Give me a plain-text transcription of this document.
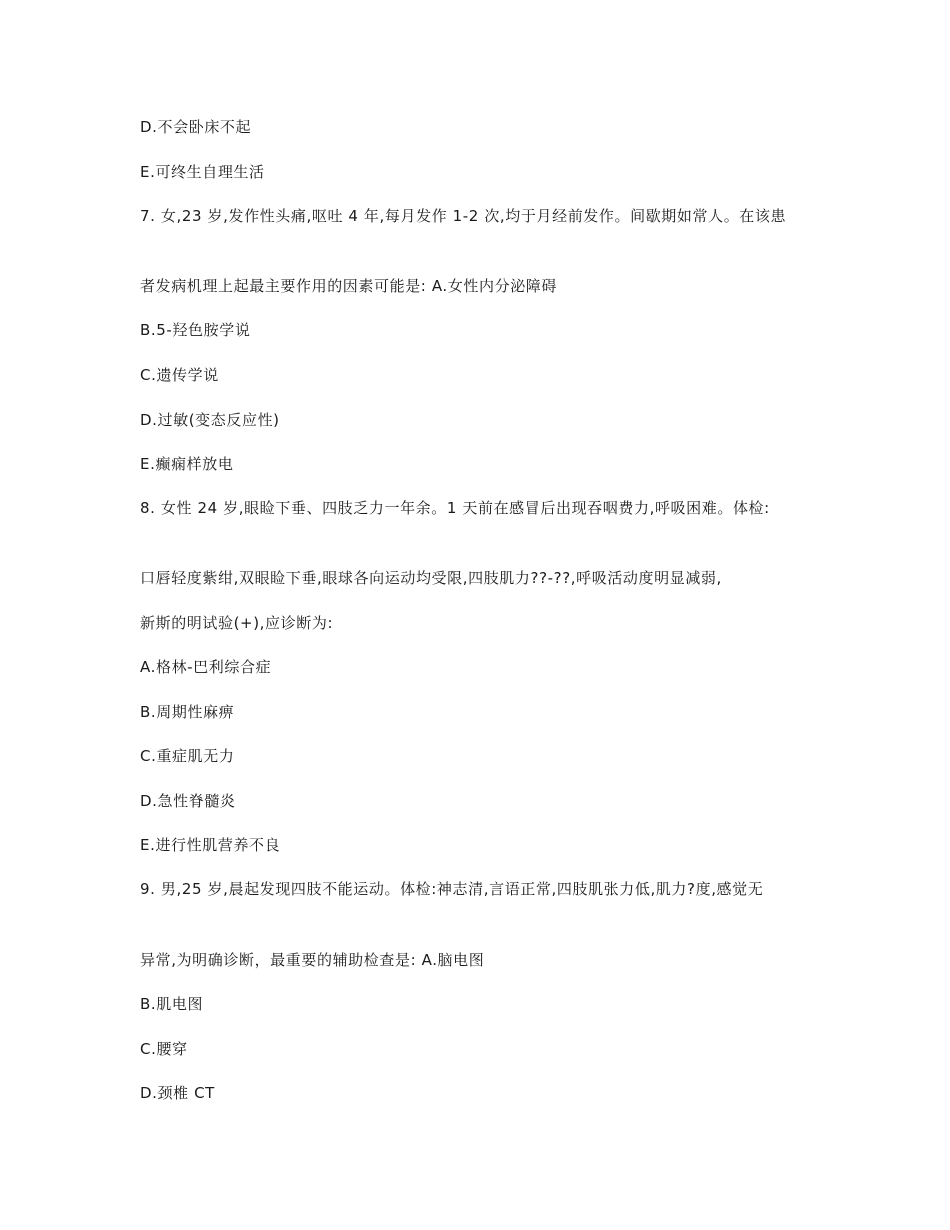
D.不会卧床不起
E.可终生自理生活
7. 女,23 岁,发作性头痛,呕吐 4 年,每月发作 1-2 次,均于月经前发作。间歇期如常人。在该患
者发病机理上起最主要作用的因素可能是: A.女性内分泌障碍
B.5-羟色胺学说
C.遗传学说
D.过敏(变态反应性)
E.癫痫样放电
8. 女性 24 岁,眼睑下垂、四肢乏力一年余。1 天前在感冒后出现吞咽费力,呼吸困难。体检:
口唇轻度紫绀,双眼睑下垂,眼球各向运动均受限,四肢肌力??-??,呼吸活动度明显减弱,
新斯的明试验(+),应诊断为:
A.格林-巴利综合症
B.周期性麻痹
C.重症肌无力
D.急性脊髓炎
E.进行性肌营养不良
9. 男,25 岁,晨起发现四肢不能运动。体检:神志清,言语正常,四肢肌张力低,肌力?度,感觉无
异常,为明确诊断，最重要的辅助检查是: A.脑电图
B.肌电图
C.腰穿
D.颈椎 CT
